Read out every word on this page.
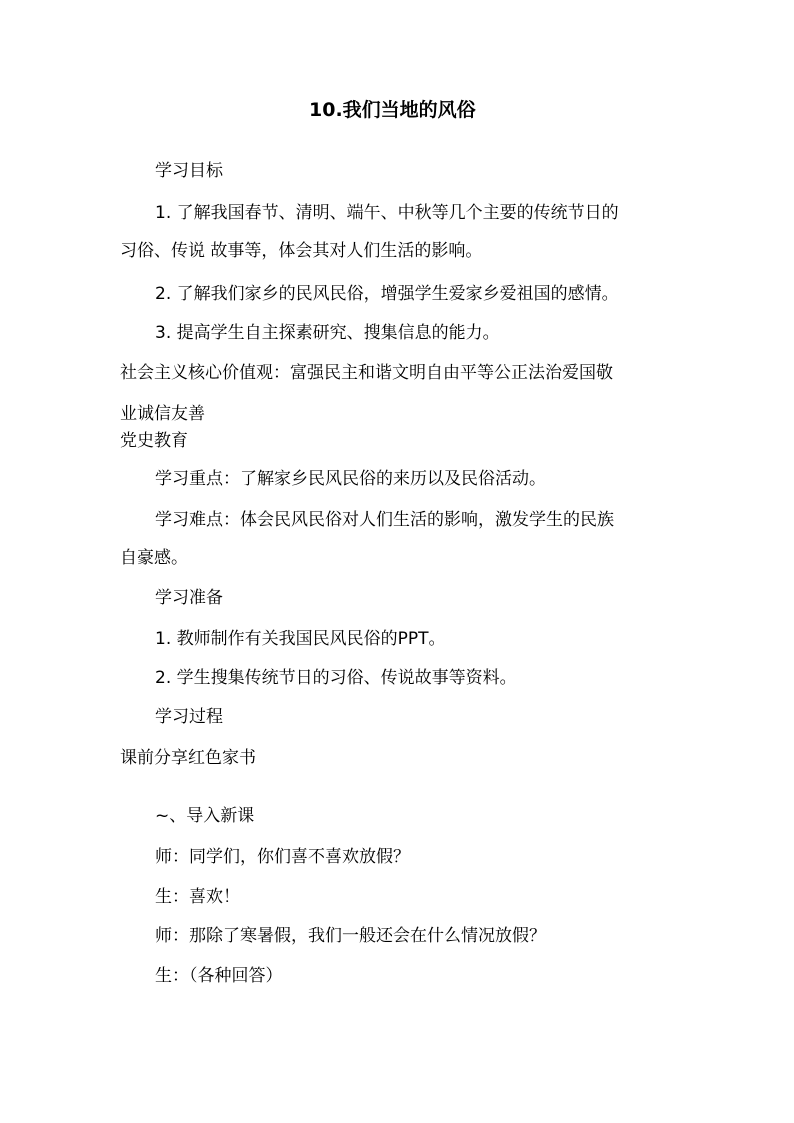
10.我们当地的风俗
学习目标
1. 了解我国春节、清明、端午、中秋等几个主要的传统节日的
习俗、传说 故事等，体会其对人们生活的影响。
2. 了解我们家乡的民风民俗，增强学生爱家乡爱祖国的感情。
3. 提高学生自主探素研究、搜集信息的能力。
社会主义核心价值观：富强民主和谐文明自由平等公正法治爱国敬
业诚信友善
党史教育
学习重点：了解家乡民风民俗的来历以及民俗活动。
学习难点：体会民风民俗对人们生活的影响，激发学生的民族
自豪感。
学习准备
1. 教师制作有关我国民风民俗的PPT。
2. 学生搜集传统节日的习俗、传说故事等资料。
学习过程
课前分享红色家书
~、导入新课
师：同学们，你们喜不喜欢放假？
生：喜欢！
师：那除了寒暑假，我们一般还会在什么情况放假？
生：（各种回答）
